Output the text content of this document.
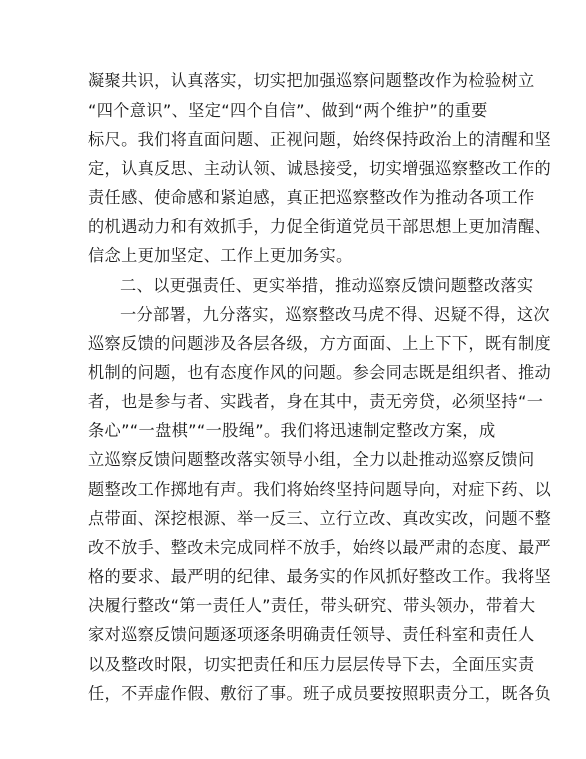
凝聚共识，认真落实，切实把加强巡察问题整改作为检验树立
“四个意识”、坚定“四个自信”、做到“两个维护”的重要
标尺。我们将直面问题、正视问题，始终保持政治上的清醒和坚
定，认真反思、主动认领、诚恳接受，切实增强巡察整改工作的
责任感、使命感和紧迫感，真正把巡察整改作为推动各项工作
的机遇动力和有效抓手，力促全街道党员干部思想上更加清醒、
信念上更加坚定、工作上更加务实。
二、以更强责任、更实举措，推动巡察反馈问题整改落实
一分部署，九分落实，巡察整改马虎不得、迟疑不得，这次
巡察反馈的问题涉及各层各级，方方面面、上上下下，既有制度
机制的问题，也有态度作风的问题。参会同志既是组织者、推动
者，也是参与者、实践者，身在其中，责无旁贷，必须坚持“一
条心”“一盘棋”“一股绳”。我们将迅速制定整改方案，成
立巡察反馈问题整改落实领导小组，全力以赴推动巡察反馈问
题整改工作掷地有声。我们将始终坚持问题导向，对症下药、以
点带面、深挖根源、举一反三、立行立改、真改实改，问题不整
改不放手、整改未完成同样不放手，始终以最严肃的态度、最严
格的要求、最严明的纪律、最务实的作风抓好整改工作。我将坚
决履行整改“第一责任人”责任，带头研究、带头领办，带着大
家对巡察反馈问题逐项逐条明确责任领导、责任科室和责任人
以及整改时限，切实把责任和压力层层传导下去，全面压实责
任，不弄虚作假、敷衍了事。班子成员要按照职责分工，既各负
